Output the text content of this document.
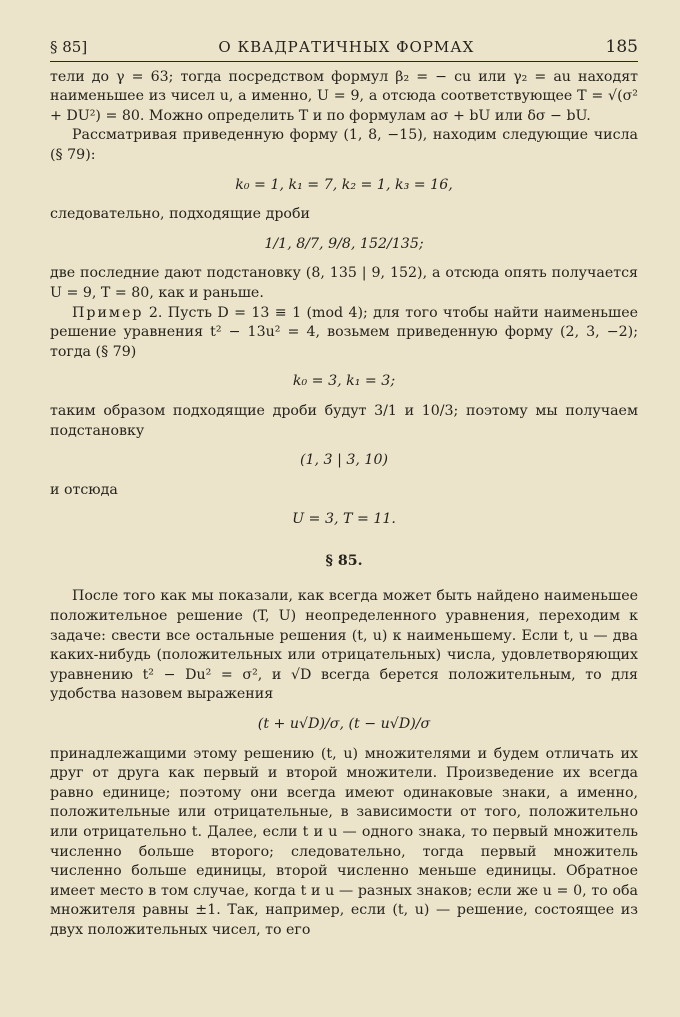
§ 85]	О КВАДРАТИЧНЫХ ФОРМАХ	185

тели до γ = 63; тогда посредством формул β₂ = − cu или γ₂ = au находят наименьшее из чисел u, а именно, U = 9, а отсюда соответствующее T = √(σ² + DU²) = 80. Можно определить T и по формулам aσ + bU или δσ − bU.

Рассматривая приведенную форму (1, 8, −15), находим следующие числа (§ 79):

k₀ = 1, k₁ = 7, k₂ = 1, k₃ = 16,

следовательно, подходящие дроби

1/1, 8/7, 9/8, 152/135;

две последние дают подстановку (8, 135 | 9, 152), а отсюда опять получается U = 9, T = 80, как и раньше.

Пример 2. Пусть D = 13 ≡ 1 (mod 4); для того чтобы найти наименьшее решение уравнения t² − 13u² = 4, возьмем приведенную форму (2, 3, −2); тогда (§ 79)

k₀ = 3, k₁ = 3;

таким образом подходящие дроби будут 3/1 и 10/3; поэтому мы получаем подстановку

(1, 3 | 3, 10)

и отсюда

U = 3, T = 11.
§ 85.

После того как мы показали, как всегда может быть найдено наименьшее положительное решение (T, U) неопределенного уравнения, переходим к задаче: свести все остальные решения (t, u) к наименьшему. Если t, u — два каких-нибудь (положительных или отрицательных) числа, удовлетворяющих уравнению t² − Du² = σ², и √D всегда берется положительным, то для удобства назовем выражения

(t + u√D)/σ, (t − u√D)/σ

принадлежащими этому решению (t, u) множителями и будем отличать их друг от друга как первый и второй множители. Произведение их всегда равно единице; поэтому они всегда имеют одинаковые знаки, а именно, положительные или отрицательные, в зависимости от того, положительно или отрицательно t. Далее, если t и u — одного знака, то первый множитель численно больше второго; следовательно, тогда первый множитель численно больше единицы, второй численно меньше единицы. Обратное имеет место в том случае, когда t и u — разных знаков; если же u = 0, то оба множителя равны ±1. Так, например, если (t, u) — решение, состоящее из двух положительных чисел, то его
